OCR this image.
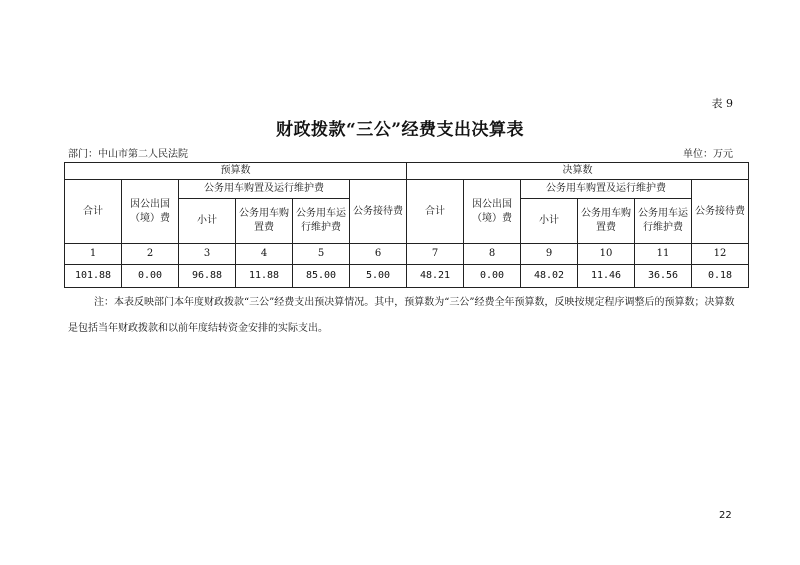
表 9
财政拨款“三公”经费支出决算表
部门：中山市第二人民法院	单位：万元
预算数						决算数					
合计	因公出国（境）费	公务用车购置及运行维护费			公务接待费	合计	因公出国（境）费	公务用车购置及运行维护费			公务接待费
		小计	公务用车购置费	公务用车运行维护费				小计	公务用车购置费	公务用车运行维护费	
1	2	3	4	5	6	7	8	9	10	11	12
101.88	0.00	96.88	11.88	85.00	5.00	48.21	0.00	48.02	11.46	36.56	0.18
注：本表反映部门本年度财政拨款“三公”经费支出预决算情况。其中，预算数为“三公”经费全年预算数，反映按规定程序调整后的预算数；决算数是包括当年财政拨款和以前年度结转资金安排的实际支出。
22
